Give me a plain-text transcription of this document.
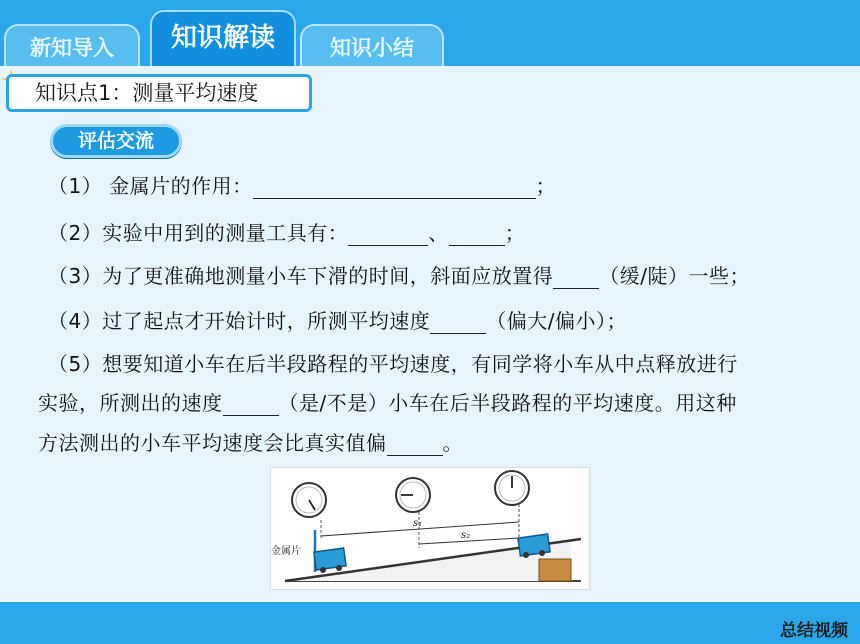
新知导入	知识解读	知识小结
知识点1：测量平均速度
评估交流
（1） 金属片的作用：	；
（2）实验中用到的测量工具有：	、	；
（3）为了更准确地测量小车下滑的时间，斜面应放置得 （缓/陡）一些；
（4）过了起点才开始计时，所测平均速度	（偏大/偏小）；
（5）想要知道小车在后半段路程的平均速度，有同学将小车从中点释放进行
实验，所测出的速度	（是/不是）小车在后半段路程的平均速度。用这种
方法测出的小车平均速度会比真实值偏	。
金属片
s₁
s₂
总结视频
